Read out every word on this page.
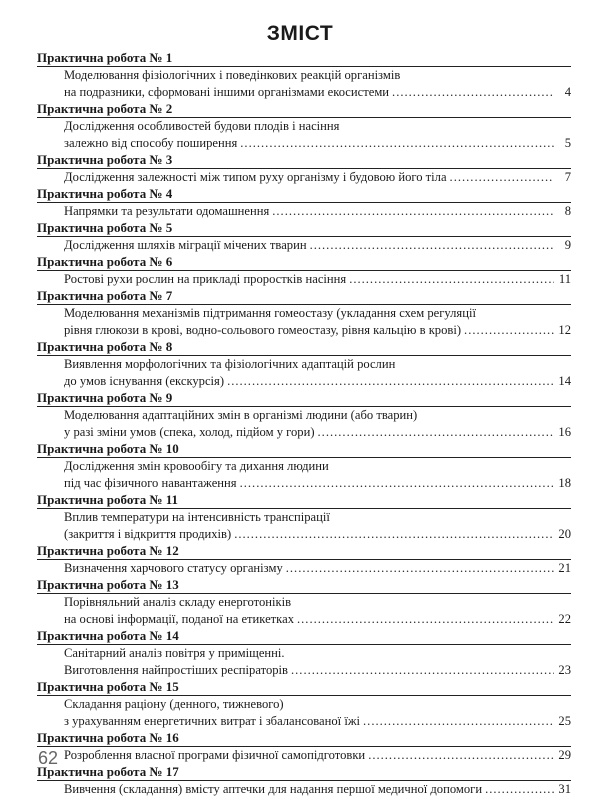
ЗМІСТ
Практична робота № 1
Моделювання фізіологічних і поведінкових реакцій організмів
на подразники, сформовані іншими організмами екосистеми .....	4
Практична робота № 2
Дослідження особливостей будови плодів і насіння
залежно від способу поширення .....	5
Практична робота № 3
Дослідження залежності між типом руху організму і будовою його тіла .....	7
Практична робота № 4
Напрямки та результати одомашнення .....	8
Практична робота № 5
Дослідження шляхів міграції мічених тварин .....	9
Практична робота № 6
Ростові рухи рослин на прикладі проростків насіння .....	11
Практична робота № 7
Моделювання механізмів підтримання гомеостазу (укладання схем регуляції
рівня глюкози в крові, водно-сольового гомеостазу, рівня кальцію в крові) .....	12
Практична робота № 8
Виявлення морфологічних та фізіологічних адаптацій рослин
до умов існування (екскурсія) .....	14
Практична робота № 9
Моделювання адаптаційних змін в організмі людини (або тварин)
у разі зміни умов (спека, холод, підйом у гори) .....	16
Практична робота № 10
Дослідження змін кровообігу та дихання людини
під час фізичного навантаження .....	18
Практична робота № 11
Вплив температури на інтенсивність транспірації
(закриття і відкриття продихів) .....	20
Практична робота № 12
Визначення харчового статусу організму .....	21
Практична робота № 13
Порівняльний аналіз складу енерготоніків
на основі інформації, поданої на етикетках .....	22
Практична робота № 14
Санітарний аналіз повітря у приміщенні.
Виготовлення найпростіших респіраторів .....	23
Практична робота № 15
Складання раціону (денного, тижневого)
з урахуванням енергетичних витрат і збалансованої їжі .....	25
Практична робота № 16
Розроблення власної програми фізичної самопідготовки .....	29
Практична робота № 17
Вивчення (складання) вмісту аптечки для надання першої медичної допомоги .....	31
62
